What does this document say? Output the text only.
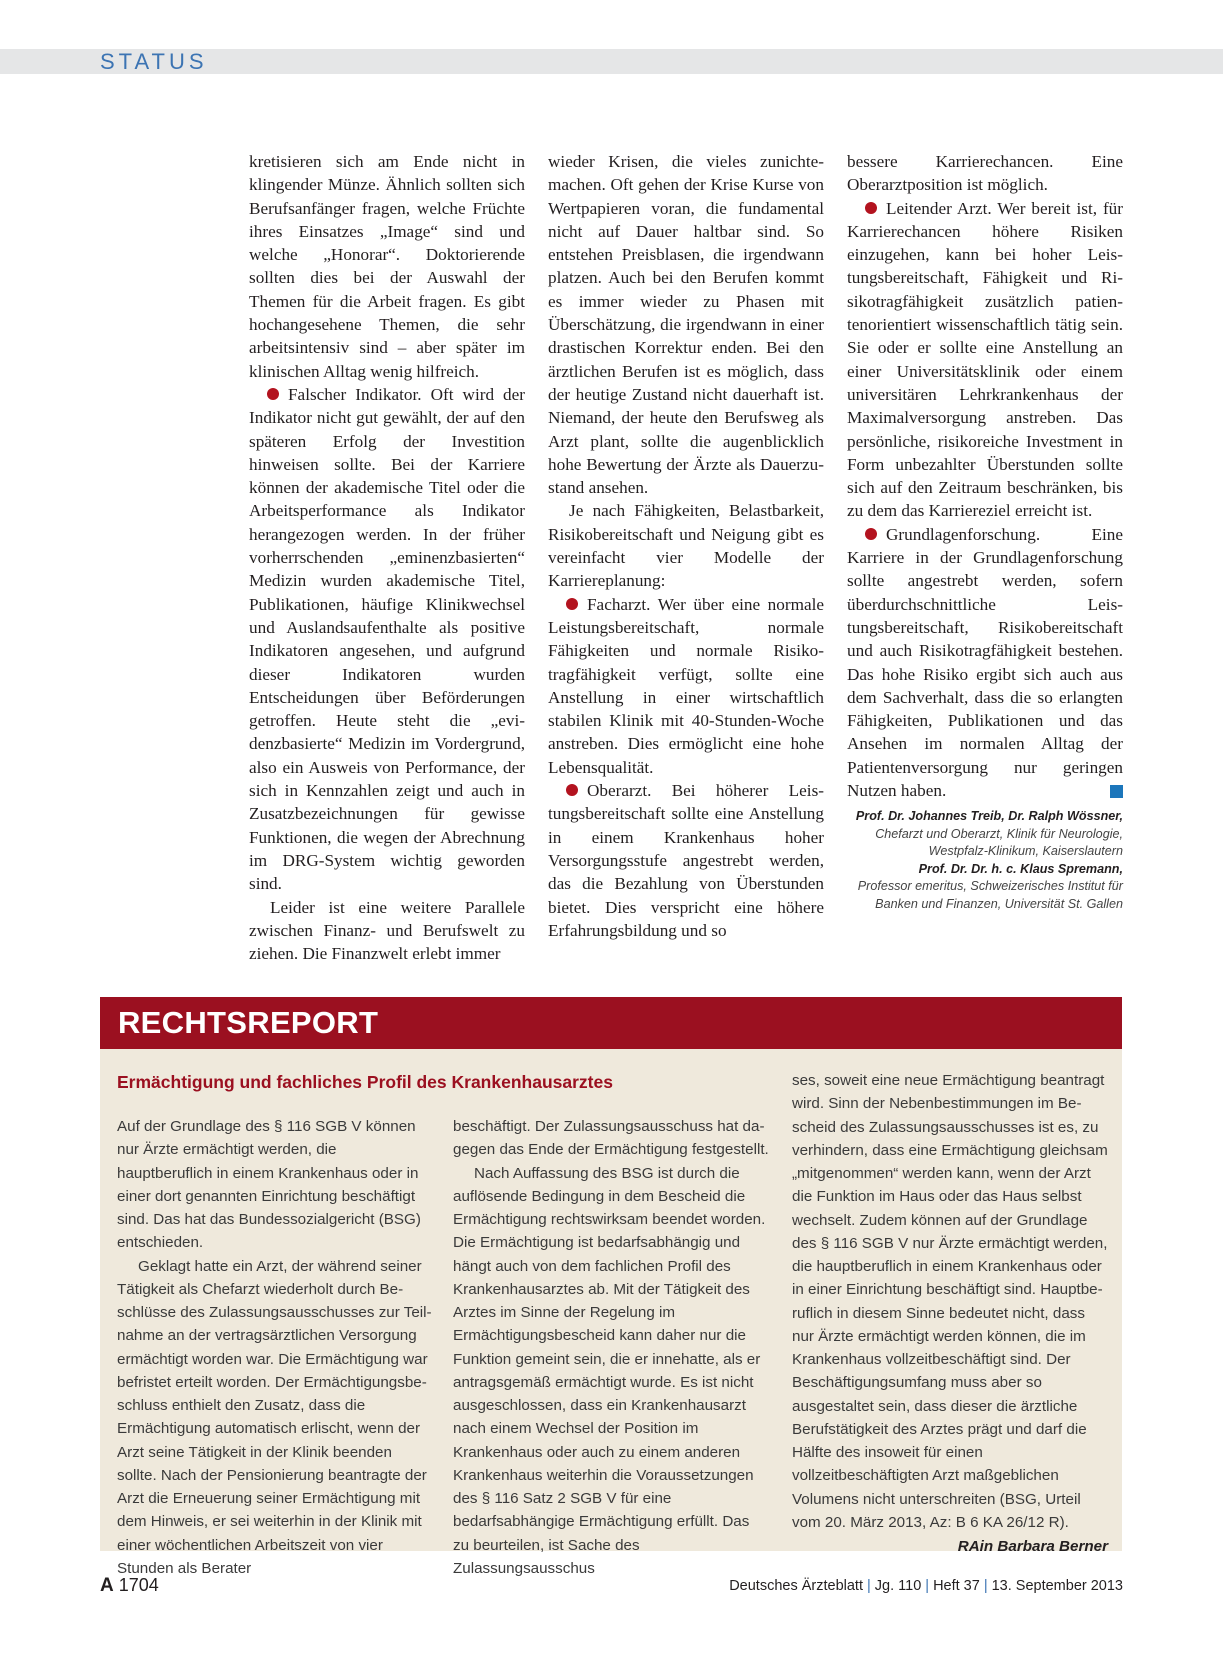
STATUS

kretisieren sich am Ende nicht in klingender Münze. Ähnlich sollten sich Berufsanfänger fragen, welche Früchte ihres Einsatzes „Image“ sind und welche „Honorar“. Doktorierende sollten dies bei der Auswahl der Themen für die Arbeit fragen. Es gibt hochangesehene Themen, die sehr arbeitsintensiv sind – aber später im klinischen Alltag wenig hilfreich.

Falscher Indikator. Oft wird der Indikator nicht gut gewählt, der auf den späteren Erfolg der Investition hinweisen sollte. Bei der Karriere können der akademische Titel oder die Arbeitsperformance als Indikator herangezogen werden. In der früher vorherrschenden „eminenzbasierten“ Medizin wurden akademische Titel, Publikationen, häufige Klinikwechsel und Auslandsaufenthalte als positive Indikatoren angesehen, und aufgrund dieser Indikatoren wurden Entscheidungen über Beförderungen getroffen. Heute steht die „evidenzbasierte“ Medizin im Vordergrund, also ein Ausweis von Performance, der sich in Kennzahlen zeigt und auch in Zusatzbezeichnungen für gewisse Funktionen, die wegen der Abrechnung im DRG-System wichtig geworden sind.

Leider ist eine weitere Parallele zwischen Finanz- und Berufswelt zu ziehen. Die Finanzwelt erlebt immer

wieder Krisen, die vieles zunichtemachen. Oft gehen der Krise Kurse von Wertpapieren voran, die fundamental nicht auf Dauer haltbar sind. So entstehen Preisblasen, die irgendwann platzen. Auch bei den Berufen kommt es immer wieder zu Phasen mit Überschätzung, die irgendwann in einer drastischen Korrektur enden. Bei den ärztlichen Berufen ist es möglich, dass der heutige Zustand nicht dauerhaft ist. Niemand, der heute den Berufsweg als Arzt plant, sollte die augenblicklich hohe Bewertung der Ärzte als Dauerzustand ansehen.

Je nach Fähigkeiten, Belastbarkeit, Risikobereitschaft und Neigung gibt es vereinfacht vier Modelle der Karriereplanung:

Facharzt. Wer über eine normale Leistungsbereitschaft, normale Fähigkeiten und normale Risikotragfähigkeit verfügt, sollte eine Anstellung in einer wirtschaftlich stabilen Klinik mit 40-Stunden-Woche anstreben. Dies ermöglicht eine hohe Lebensqualität.

Oberarzt. Bei höherer Leistungsbereitschaft sollte eine Anstellung in einem Krankenhaus hoher Versorgungsstufe angestrebt werden, das die Bezahlung von Überstunden bietet. Dies verspricht eine höhere Erfahrungsbildung und so

bessere Karrierechancen. Eine Oberarztposition ist möglich.

Leitender Arzt. Wer bereit ist, für Karrierechancen höhere Risiken einzugehen, kann bei hoher Leistungsbereitschaft, Fähigkeit und Risikotragfähigkeit zusätzlich patientenorientiert wissenschaftlich tätig sein. Sie oder er sollte eine Anstellung an einer Universitätsklinik oder einem universitären Lehrkrankenhaus der Maximalversorgung anstreben. Das persönliche, risikoreiche Investment in Form unbezahlter Überstunden sollte sich auf den Zeitraum beschränken, bis zu dem das Karriereziel erreicht ist.

Grundlagenforschung. Eine Karriere in der Grundlagenforschung sollte angestrebt werden, sofern überdurchschnittliche Leistungsbereitschaft, Risikobereitschaft und auch Risikotragfähigkeit bestehen. Das hohe Risiko ergibt sich auch aus dem Sachverhalt, dass die so erlangten Fähigkeiten, Publikationen und das Ansehen im normalen Alltag der Patientenversorgung nur geringen Nutzen haben.

Prof. Dr. Johannes Treib, Dr. Ralph Wössner,
Chefarzt und Oberarzt, Klinik für Neurologie,
Westpfalz-Klinikum, Kaiserslautern
Prof. Dr. Dr. h. c. Klaus Spremann,
Professor emeritus, Schweizerisches Institut für
Banken und Finanzen, Universität St. Gallen
RECHTSREPORT
Ermächtigung und fachliches Profil des Krankenhausarztes

Auf der Grundlage des § 116 SGB V können nur Ärzte ermächtigt werden, die hauptberuflich in einem Krankenhaus oder in einer dort genannten Einrichtung beschäftigt sind. Das hat das Bundessozialgericht (BSG) entschieden.

Geklagt hatte ein Arzt, der während seiner Tätigkeit als Chefarzt wiederholt durch Beschlüsse des Zulassungsausschusses zur Teilnahme an der vertragsärztlichen Versorgung ermächtigt worden war. Die Ermächtigung war befristet erteilt worden. Der Ermächtigungsbeschluss enthielt den Zusatz, dass die Ermächtigung automatisch erlischt, wenn der Arzt seine Tätigkeit in der Klinik beenden sollte. Nach der Pensionierung beantragte der Arzt die Erneuerung seiner Ermächtigung mit dem Hinweis, er sei weiterhin in der Klinik mit einer wöchentlichen Arbeitszeit von vier Stunden als Berater

beschäftigt. Der Zulassungsausschuss hat dagegen das Ende der Ermächtigung festgestellt.

Nach Auffassung des BSG ist durch die auflösende Bedingung in dem Bescheid die Ermächtigung rechtswirksam beendet worden. Die Ermächtigung ist bedarfsabhängig und hängt auch von dem fachlichen Profil des Krankenhausarztes ab. Mit der Tätigkeit des Arztes im Sinne der Regelung im Ermächtigungsbescheid kann daher nur die Funktion gemeint sein, die er innehatte, als er antragsgemäß ermächtigt wurde. Es ist nicht ausgeschlossen, dass ein Krankenhausarzt nach einem Wechsel der Position im Krankenhaus oder auch zu einem anderen Krankenhaus weiterhin die Voraussetzungen des § 116 Satz 2 SGB V für eine bedarfsabhängige Ermächtigung erfüllt. Das zu beurteilen, ist Sache des Zulassungsausschus

ses, soweit eine neue Ermächtigung beantragt wird. Sinn der Nebenbestimmungen im Bescheid des Zulassungsausschusses ist es, zu verhindern, dass eine Ermächtigung gleichsam „mitgenommen“ werden kann, wenn der Arzt die Funktion im Haus oder das Haus selbst wechselt. Zudem können auf der Grundlage des § 116 SGB V nur Ärzte ermächtigt werden, die hauptberuflich in einem Krankenhaus oder in einer Einrichtung beschäftigt sind. Hauptberuflich in diesem Sinne bedeutet nicht, dass nur Ärzte ermächtigt werden können, die im Krankenhaus vollzeitbeschäftigt sind. Der Beschäftigungsumfang muss aber so ausgestaltet sein, dass dieser die ärztliche Berufstätigkeit des Arztes prägt und darf die Hälfte des insoweit für einen vollzeitbeschäftigten Arzt maßgeblichen Volumens nicht unterschreiten (BSG, Urteil vom 20. März 2013, Az: B 6 KA 26/12 R).

RAin Barbara Berner
A 1704	Deutsches Ärzteblatt | Jg. 110 | Heft 37 | 13. September 2013
